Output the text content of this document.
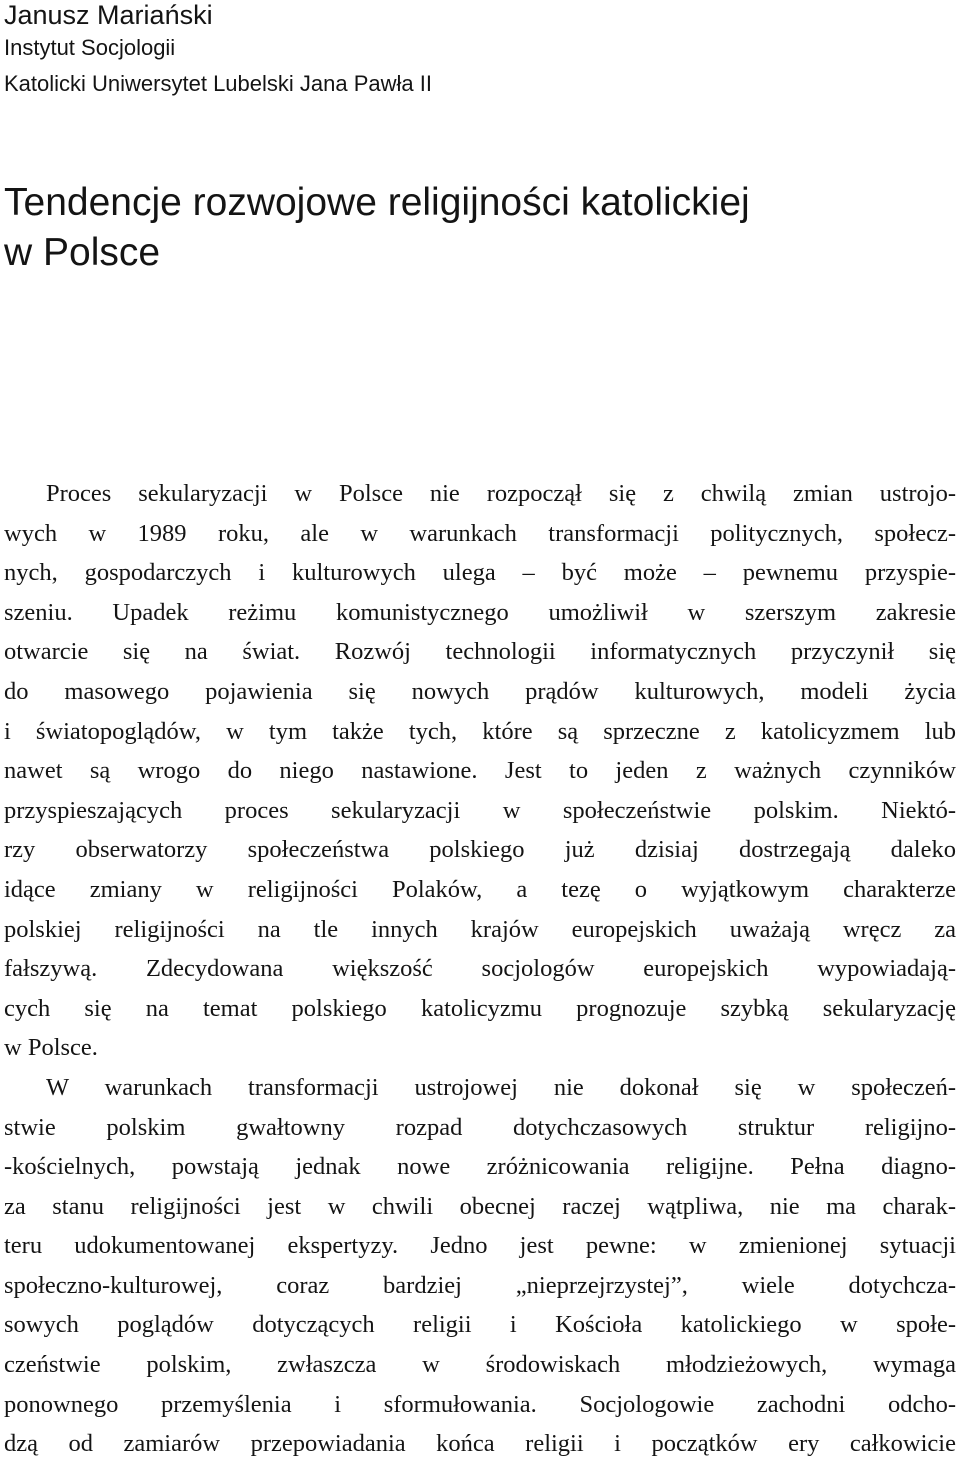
Janusz Mariański
Instytut Socjologii
Katolicki Uniwersytet Lubelski Jana Pawła II
Tendencje rozwojowe religijności katolickiej
w Polsce
Proces sekularyzacji w Polsce nie rozpoczął się z chwilą zmian ustrojo-
wych w 1989 roku, ale w warunkach transformacji politycznych, społecz-
nych, gospodarczych i kulturowych ulega – być może – pewnemu przyspie-
szeniu. Upadek reżimu komunistycznego umożliwił w szerszym zakresie
otwarcie się na świat. Rozwój technologii informatycznych przyczynił się
do masowego pojawienia się nowych prądów kulturowych, modeli życia
i światopoglądów, w tym także tych, które są sprzeczne z katolicyzmem lub
nawet są wrogo do niego nastawione. Jest to jeden z ważnych czynników
przyspieszających proces sekularyzacji w społeczeństwie polskim. Niektó-
rzy obserwatorzy społeczeństwa polskiego już dzisiaj dostrzegają daleko
idące zmiany w religijności Polaków, a tezę o wyjątkowym charakterze
polskiej religijności na tle innych krajów europejskich uważają wręcz za
fałszywą. Zdecydowana większość socjologów europejskich wypowiadają-
cych się na temat polskiego katolicyzmu prognozuje szybką sekularyzację
w Polsce.
W warunkach transformacji ustrojowej nie dokonał się w społeczeń-
stwie polskim gwałtowny rozpad dotychczasowych struktur religijno-
-kościelnych, powstają jednak nowe zróżnicowania religijne. Pełna diagno-
za stanu religijności jest w chwili obecnej raczej wątpliwa, nie ma charak-
teru udokumentowanej ekspertyzy. Jedno jest pewne: w zmienionej sytuacji
społeczno-kulturowej, coraz bardziej „nieprzejrzystej”, wiele dotychcza-
sowych poglądów dotyczących religii i Kościoła katolickiego w społe-
czeństwie polskim, zwłaszcza w środowiskach młodzieżowych, wymaga
ponownego przemyślenia i sformułowania. Socjologowie zachodni odcho-
dzą od zamiarów przepowiadania końca religii i początków ery całkowicie
